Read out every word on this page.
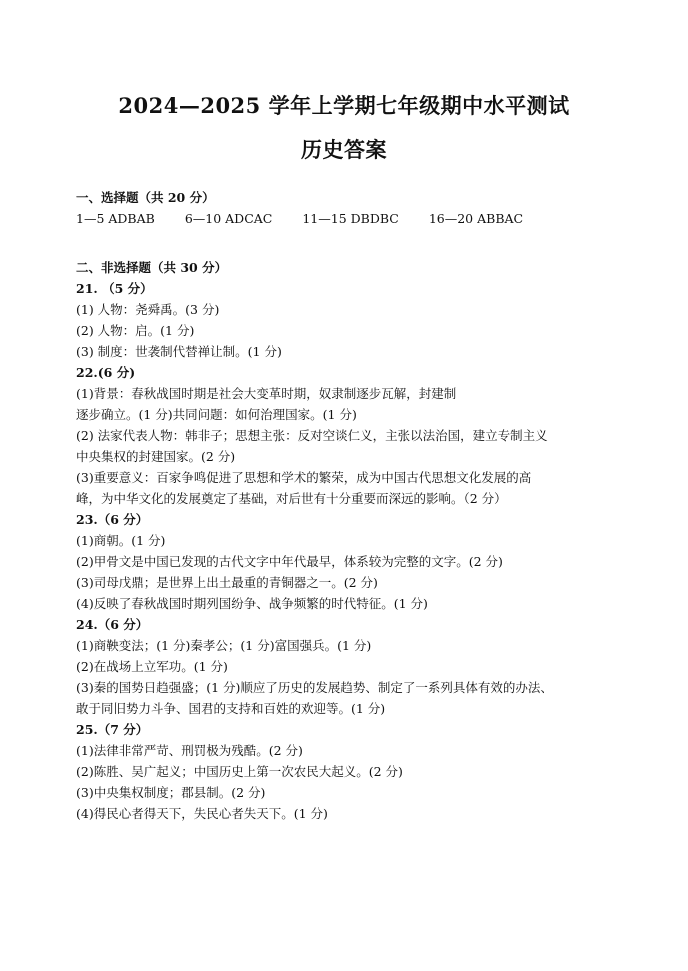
2024—2025 学年上学期七年级期中水平测试
历史答案
一、选择题（共 20 分）
1—5 ADBAB 6—10 ADCAC 11—15 DBDBC 16—20 ABBAC
二、非选择题（共 30 分）
21. （5 分）
(1) 人物：尧舜禹。(3 分)
(2) 人物：启。(1 分)
(3) 制度：世袭制代替禅让制。(1 分)
22.(6 分)
(1)背景：春秋战国时期是社会大变革时期，奴隶制逐步瓦解，封建制
逐步确立。(1 分)共同问题：如何治理国家。(1 分)
(2) 法家代表人物：韩非子；思想主张：反对空谈仁义，主张以法治国，建立专制主义
中央集权的封建国家。(2 分)
(3)重要意义：百家争鸣促进了思想和学术的繁荣，成为中国古代思想文化发展的高
峰，为中华文化的发展奠定了基础，对后世有十分重要而深远的影响。（2 分）
23.（6 分）
(1)商朝。(1 分)
(2)甲骨文是中国已发现的古代文字中年代最早，体系较为完整的文字。(2 分)
(3)司母戊鼎；是世界上出土最重的青铜器之一。(2 分)
(4)反映了春秋战国时期列国纷争、战争频繁的时代特征。(1 分)
24.（6 分）
(1)商鞅变法；(1 分)秦孝公；(1 分)富国强兵。(1 分)
(2)在战场上立军功。(1 分)
(3)秦的国势日趋强盛；(1 分)顺应了历史的发展趋势、制定了一系列具体有效的办法、
敢于同旧势力斗争、国君的支持和百姓的欢迎等。(1 分)
25.（7 分）
(1)法律非常严苛、刑罚极为残酷。(2 分)
(2)陈胜、吴广起义；中国历史上第一次农民大起义。(2 分)
(3)中央集权制度；郡县制。(2 分)
(4)得民心者得天下，失民心者失天下。(1 分)
